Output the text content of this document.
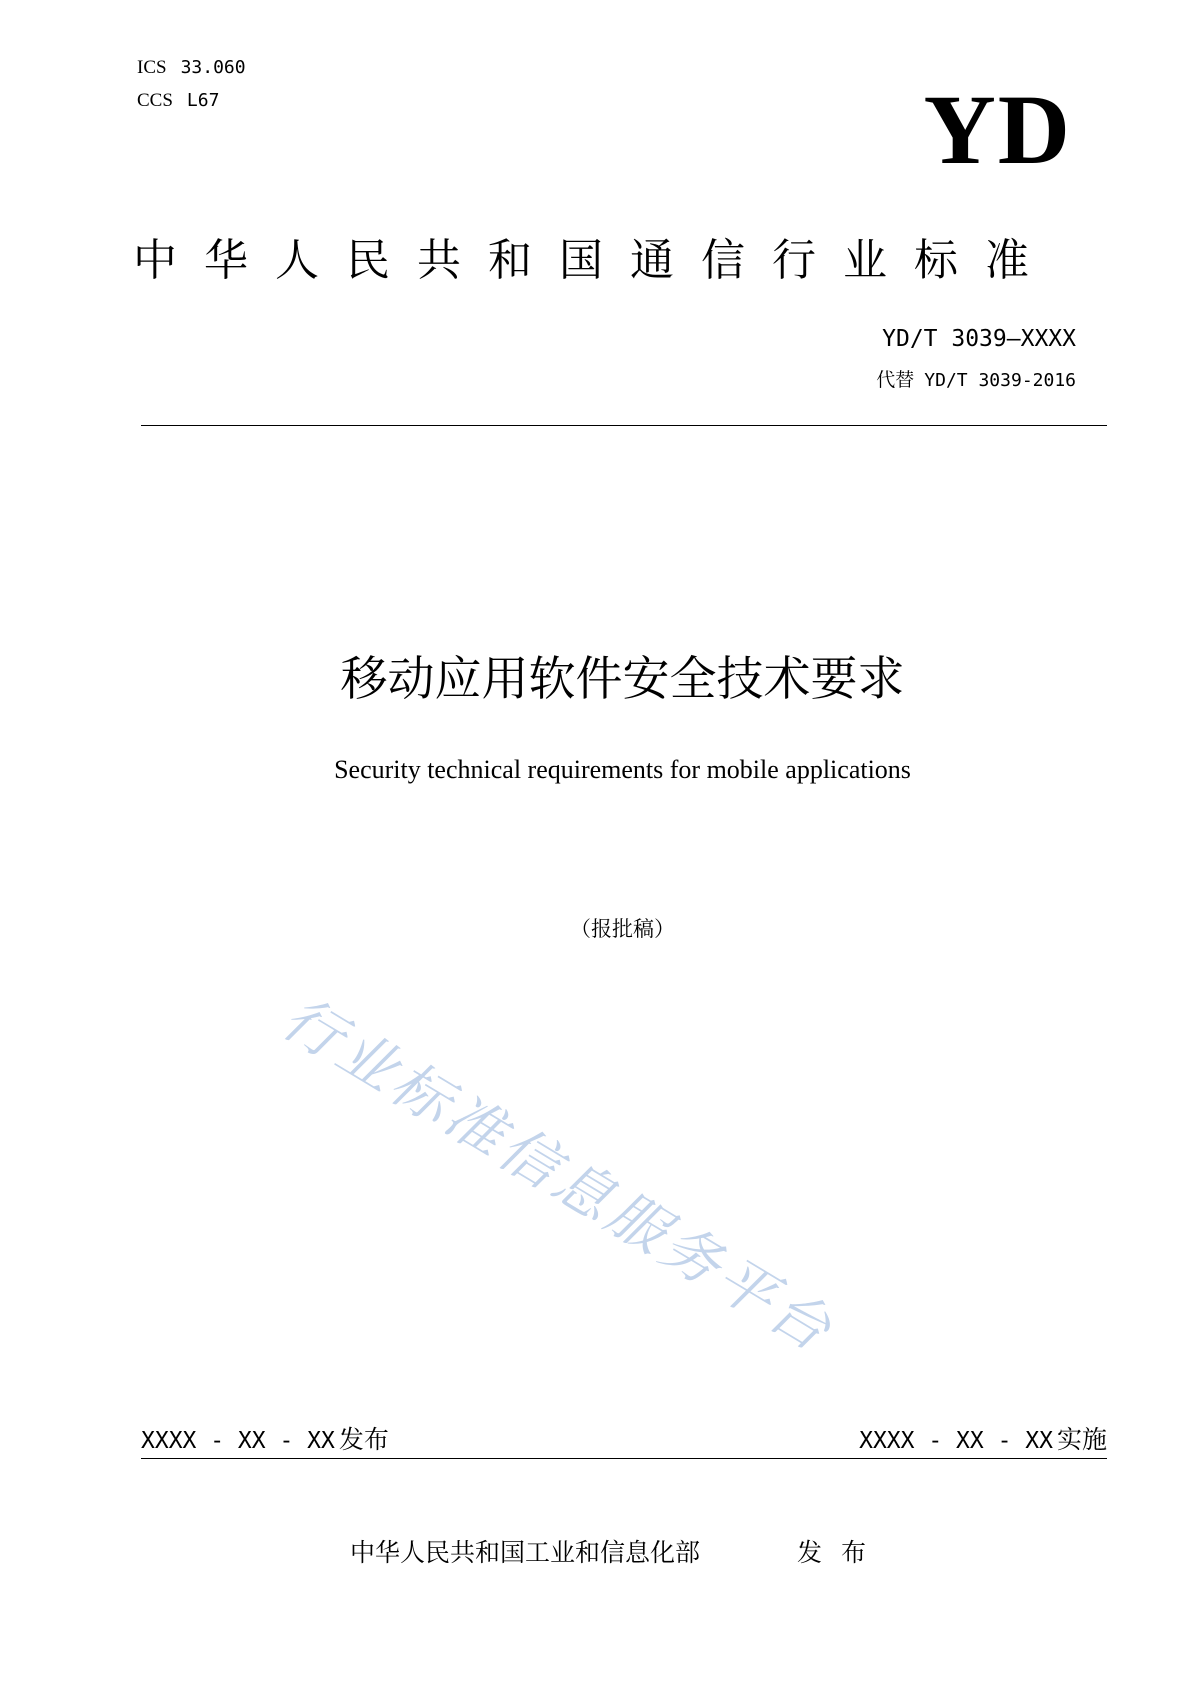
ICS 33.060
CCS L67	YD
中华人民共和国通信行业标准
YD/T 3039—XXXX
代替 YD/T 3039-2016
移动应用软件安全技术要求
Security technical requirements for mobile applications
（报批稿）
行业标准信息服务平台
XXXX - XX - XX 发布	XXXX - XX - XX 实施
中华人民共和国工业和信息化部	发布
